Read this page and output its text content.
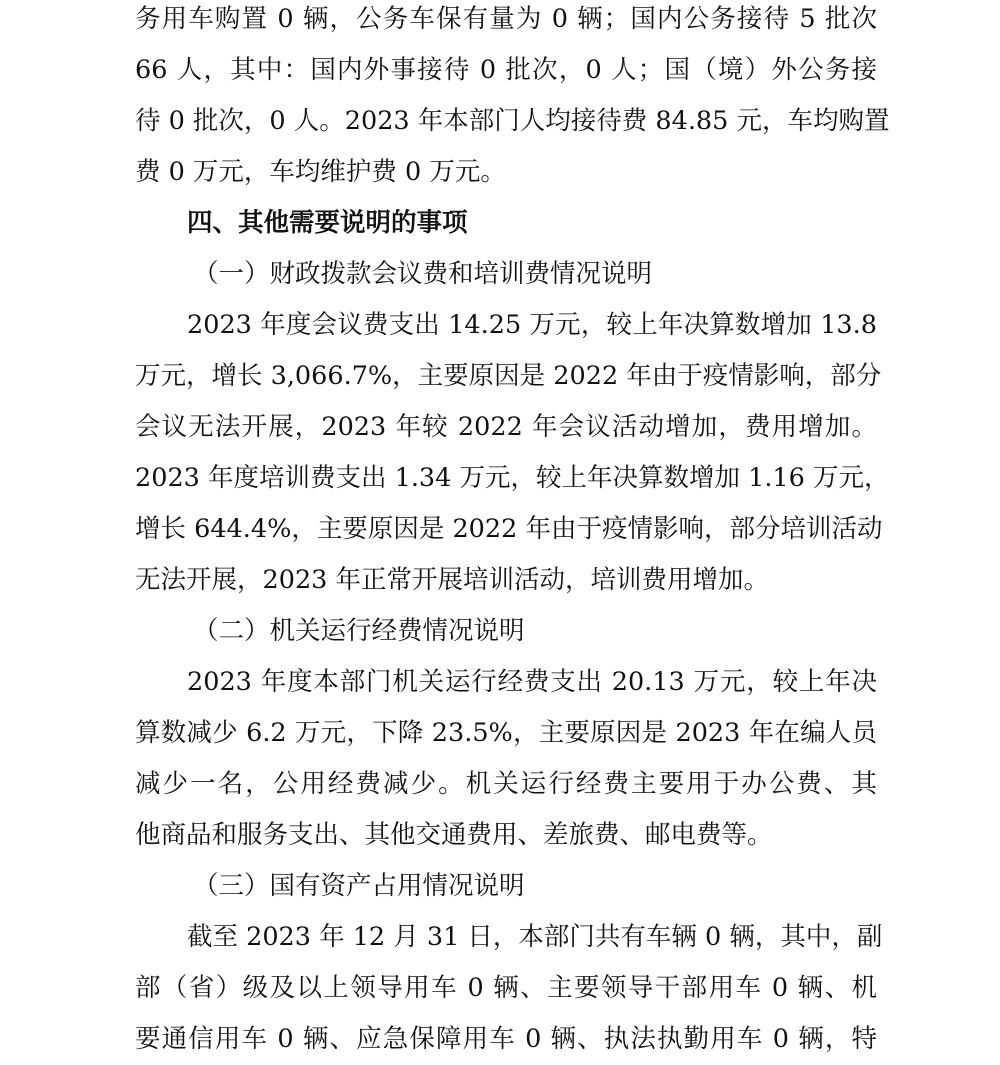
务用车购置 0 辆，公务车保有量为 0 辆；国内公务接待 5 批次
66 人，其中：国内外事接待 0 批次，0 人；国（境）外公务接
待 0 批次，0 人。2023 年本部门人均接待费 84.85 元，车均购置
费 0 万元，车均维护费 0 万元。
四、其他需要说明的事项
（一）财政拨款会议费和培训费情况说明
2023 年度会议费支出 14.25 万元，较上年决算数增加 13.8
万元，增长 3,066.7%，主要原因是 2022 年由于疫情影响，部分
会议无法开展，2023 年较 2022 年会议活动增加，费用增加。
2023 年度培训费支出 1.34 万元，较上年决算数增加 1.16 万元，
增长 644.4%，主要原因是 2022 年由于疫情影响，部分培训活动
无法开展，2023 年正常开展培训活动，培训费用增加。
（二）机关运行经费情况说明
2023 年度本部门机关运行经费支出 20.13 万元，较上年决
算数减少 6.2 万元，下降 23.5%，主要原因是 2023 年在编人员
减少一名，公用经费减少。机关运行经费主要用于办公费、其
他商品和服务支出、其他交通费用、差旅费、邮电费等。
（三）国有资产占用情况说明
截至 2023 年 12 月 31 日，本部门共有车辆 0 辆，其中，副
部（省）级及以上领导用车 0 辆、主要领导干部用车 0 辆、机
要通信用车 0 辆、应急保障用车 0 辆、执法执勤用车 0 辆，特
